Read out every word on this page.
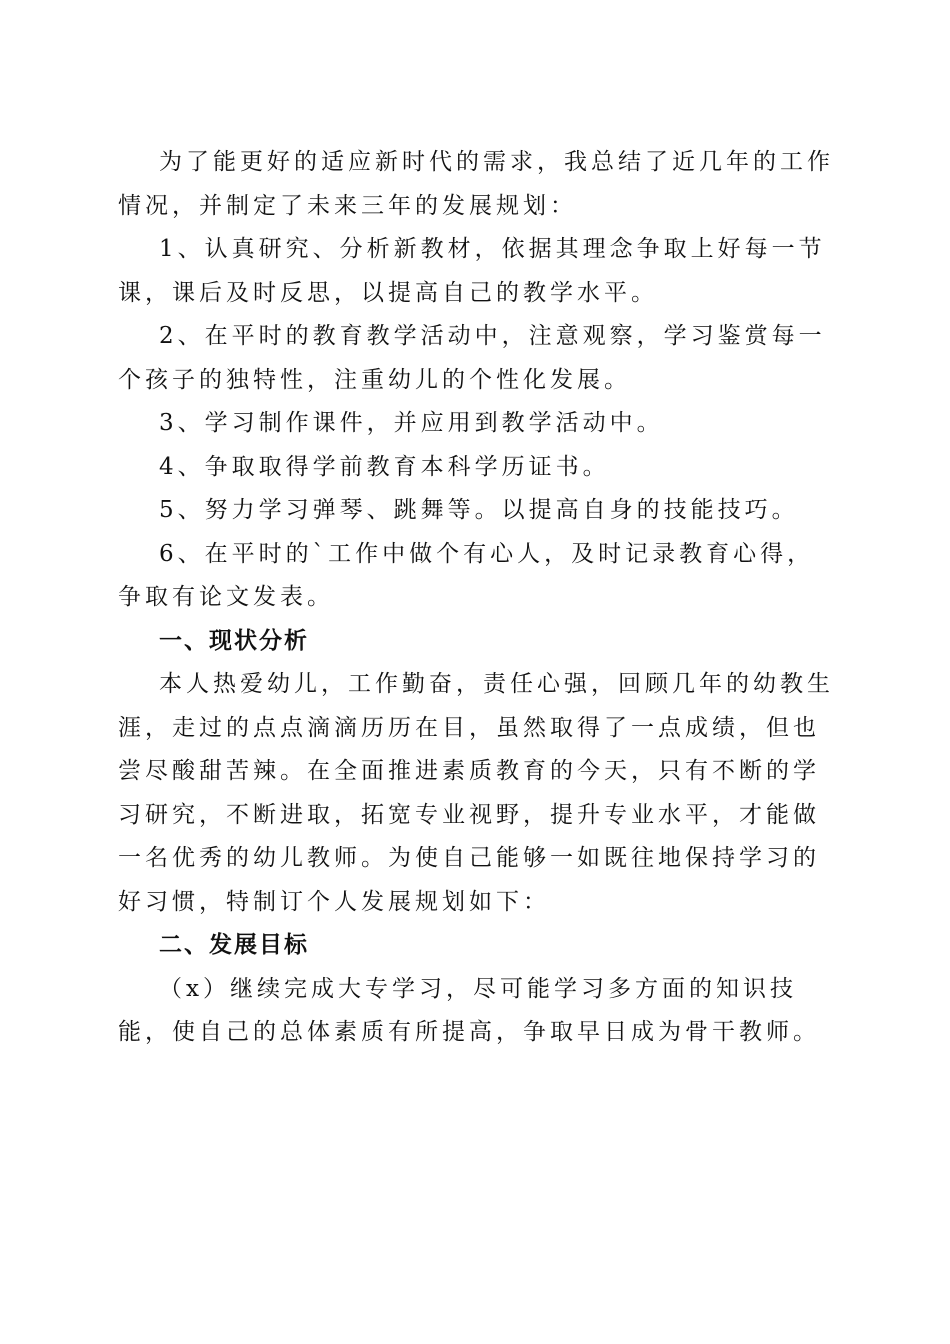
为了能更好的适应新时代的需求，我总结了近几年的工作情况，并制定了未来三年的发展规划：

1、认真研究、分析新教材，依据其理念争取上好每一节课，课后及时反思，以提高自己的教学水平。

2、在平时的教育教学活动中，注意观察，学习鉴赏每一个孩子的独特性，注重幼儿的个性化发展。

3、学习制作课件，并应用到教学活动中。

4、争取取得学前教育本科学历证书。

5、努力学习弹琴、跳舞等。以提高自身的技能技巧。

6、在平时的`工作中做个有心人，及时记录教育心得，争取有论文发表。

一、现状分析

本人热爱幼儿，工作勤奋，责任心强，回顾几年的幼教生涯，走过的点点滴滴历历在目，虽然取得了一点成绩，但也尝尽酸甜苦辣。在全面推进素质教育的今天，只有不断的学习研究，不断进取，拓宽专业视野，提升专业水平，才能做一名优秀的幼儿教师。为使自己能够一如既往地保持学习的好习惯，特制订个人发展规划如下：

二、发展目标

（x）继续完成大专学习，尽可能学习多方面的知识技能，使自己的总体素质有所提高，争取早日成为骨干教师。
